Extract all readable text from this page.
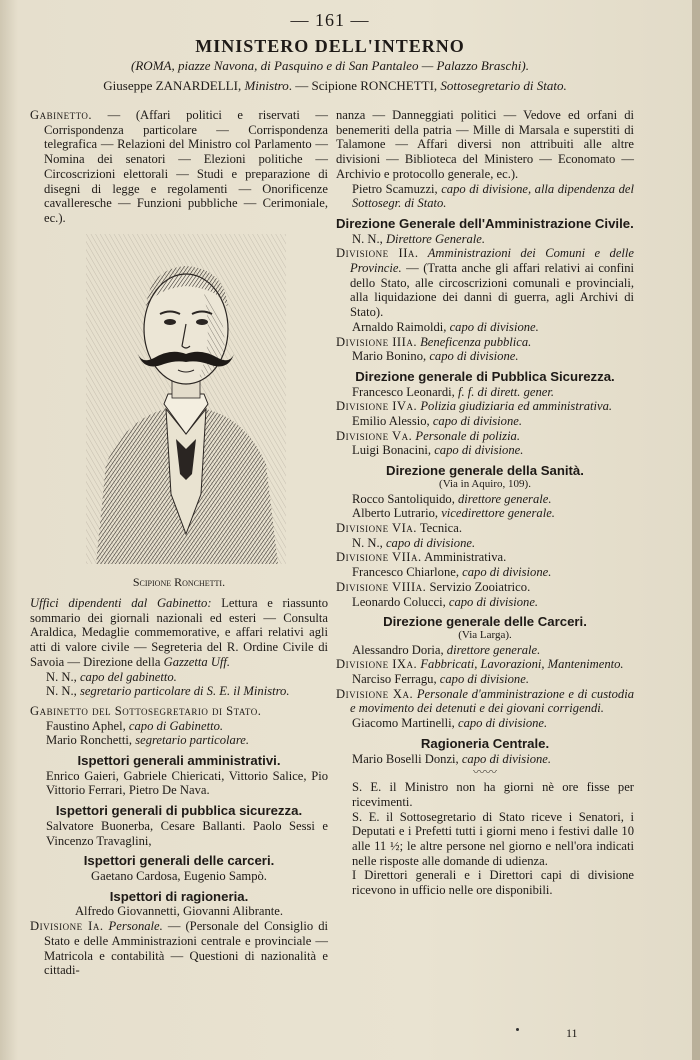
— 161 —
MINISTERO DELL'INTERNO
(ROMA, piazze Navona, di Pasquino e di San Pantaleo — Palazzo Braschi).
Giuseppe ZANARDELLI, Ministro. — Scipione RONCHETTI, Sottosegretario di Stato.

Gabinetto. — (Affari politici e riservati — Corrispondenza particolare — Corrispondenza telegrafica — Relazioni del Ministro col Parlamento — Nomina dei senatori — Elezioni politiche — Circoscrizioni elettorali — Studi e preparazione di disegni di legge e regolamenti — Onorificenze cavalleresche — Funzioni pubbliche — Cerimoniale, ec.).

Scipione Ronchetti.

Uffici dipendenti dal Gabinetto: Lettura e riassunto sommario dei giornali nazionali ed esteri — Consulta Araldica, Medaglie commemorative, e affari relativi agli atti di valore civile — Segreteria del R. Ordine Civile di Savoia — Direzione della Gazzetta Uff.

N. N., capo del gabinetto.

N. N., segretario particolare di S. E. il Ministro.

Gabinetto del Sottosegretario di Stato.

Faustino Aphel, capo di Gabinetto.

Mario Ronchetti, segretario particolare.

Ispettori generali amministrativi.

Enrico Gaieri, Gabriele Chiericati, Vittorio Salice, Pio Vittorio Ferrari, Pietro De Nava.

Ispettori generali di pubblica sicurezza.

Salvatore Buonerba, Cesare Ballanti. Paolo Sessi e Vincenzo Travaglini,

Ispettori generali delle carceri.

Gaetano Cardosa, Eugenio Sampò.

Ispettori di ragioneria.

Alfredo Giovannetti, Giovanni Alibrante.

Divisione Ia. Personale. — (Personale del Consiglio di Stato e delle Amministrazioni centrale e provinciale — Matricola e contabilità — Questioni di nazionalità e cittadi-

nanza — Danneggiati politici — Vedove ed orfani di benemeriti della patria — Mille di Marsala e superstiti di Talamone — Affari diversi non attribuiti alle altre divisioni — Biblioteca del Ministero — Economato — Archivio e protocollo generale, ec.).

Pietro Scamuzzi, capo di divisione, alla dipendenza del Sottosegr. di Stato.

Direzione Generale dell'Amministrazione Civile.

N. N., Direttore Generale.

Divisione IIa. Amministrazioni dei Comuni e delle Provincie. — (Tratta anche gli affari relativi ai confini dello Stato, alle circoscrizioni comunali e provinciali, alla liquidazione dei danni di guerra, agli Archivi di Stato).

Arnaldo Raimoldi, capo di divisione.

Divisione IIIa. Beneficenza pubblica.

Mario Bonino, capo di divisione.

Direzione generale di Pubblica Sicurezza.

Francesco Leonardi, f. f. di dirett. gener.

Divisione IVa. Polizia giudiziaria ed amministrativa.

Emilio Alessio, capo di divisione.

Divisione Va. Personale di polizia.

Luigi Bonacini, capo di divisione.

Direzione generale della Sanità.
(Via in Aquiro, 109).

Rocco Santoliquido, direttore generale.

Alberto Lutrario, vicedirettore generale.

Divisione VIa. Tecnica.

N. N., capo di divisione.

Divisione VIIa. Amministrativa.

Francesco Chiarlone, capo di divisione.

Divisione VIIIa. Servizio Zooiatrico.

Leonardo Colucci, capo di divisione.

Direzione generale delle Carceri.
(Via Larga).

Alessandro Doria, direttore generale.

Divisione IXa. Fabbricati, Lavorazioni, Mantenimento.

Narciso Ferragu, capo di divisione.

Divisione Xa. Personale d'amministrazione e di custodia e movimento dei detenuti e dei giovani corrigendi.

Giacomo Martinelli, capo di divisione.

Ragioneria Centrale.

Mario Boselli Donzi, capo di divisione.

〰〰

S. E. il Ministro non ha giorni nè ore fisse per ricevimenti.

S. E. il Sottosegretario di Stato riceve i Senatori, i Deputati e i Prefetti tutti i giorni meno i festivi dalle 10 alle 11 ½; le altre persone nel giorno e nell'ora indicati nelle risposte alle domande di udienza.

I Direttori generali e i Direttori capi di divisione ricevono in ufficio nelle ore disponibili.

11
